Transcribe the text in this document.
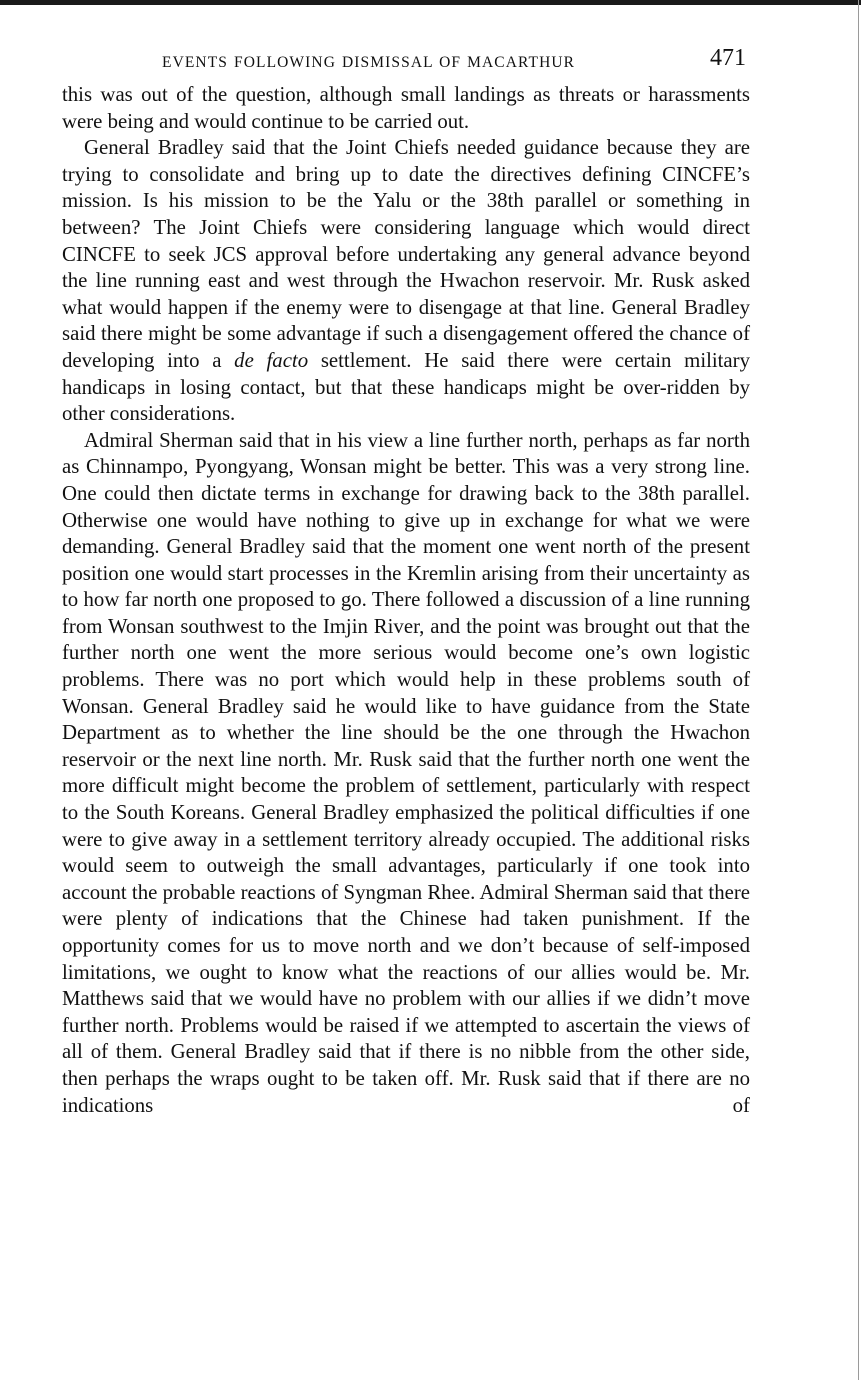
EVENTS FOLLOWING DISMISSAL OF MACARTHUR	471

this was out of the question, although small landings as threats or harassments were being and would continue to be carried out.

General Bradley said that the Joint Chiefs needed guidance because they are trying to consolidate and bring up to date the directives defining CINCFE’s mission. Is his mission to be the Yalu or the 38th parallel or something in between? The Joint Chiefs were considering language which would direct CINCFE to seek JCS approval before undertaking any general advance beyond the line running east and west through the Hwachon reservoir. Mr. Rusk asked what would happen if the enemy were to disengage at that line. General Bradley said there might be some advantage if such a disengagement offered the chance of developing into a de facto settlement. He said there were certain military handicaps in losing contact, but that these handicaps might be over-ridden by other considerations.

Admiral Sherman said that in his view a line further north, perhaps as far north as Chinnampo, Pyongyang, Wonsan might be better. This was a very strong line. One could then dictate terms in exchange for drawing back to the 38th parallel. Otherwise one would have nothing to give up in exchange for what we were demanding. General Bradley said that the moment one went north of the present position one would start processes in the Kremlin arising from their uncertainty as to how far north one proposed to go. There followed a discussion of a line running from Wonsan southwest to the Imjin River, and the point was brought out that the further north one went the more serious would become one’s own logistic problems. There was no port which would help in these problems south of Wonsan. General Bradley said he would like to have guidance from the State Department as to whether the line should be the one through the Hwachon reservoir or the next line north. Mr. Rusk said that the further north one went the more difficult might become the problem of settlement, particularly with respect to the South Koreans. General Bradley emphasized the political difficulties if one were to give away in a settlement territory already occupied. The additional risks would seem to outweigh the small advantages, particularly if one took into account the probable reactions of Syngman Rhee. Admiral Sherman said that there were plenty of indications that the Chinese had taken punishment. If the opportunity comes for us to move north and we don’t because of self-imposed limitations, we ought to know what the reactions of our allies would be. Mr. Matthews said that we would have no problem with our allies if we didn’t move further north. Problems would be raised if we attempted to ascertain the views of all of them. General Bradley said that if there is no nibble from the other side, then perhaps the wraps ought to be taken off. Mr. Rusk said that if there are no indications of
